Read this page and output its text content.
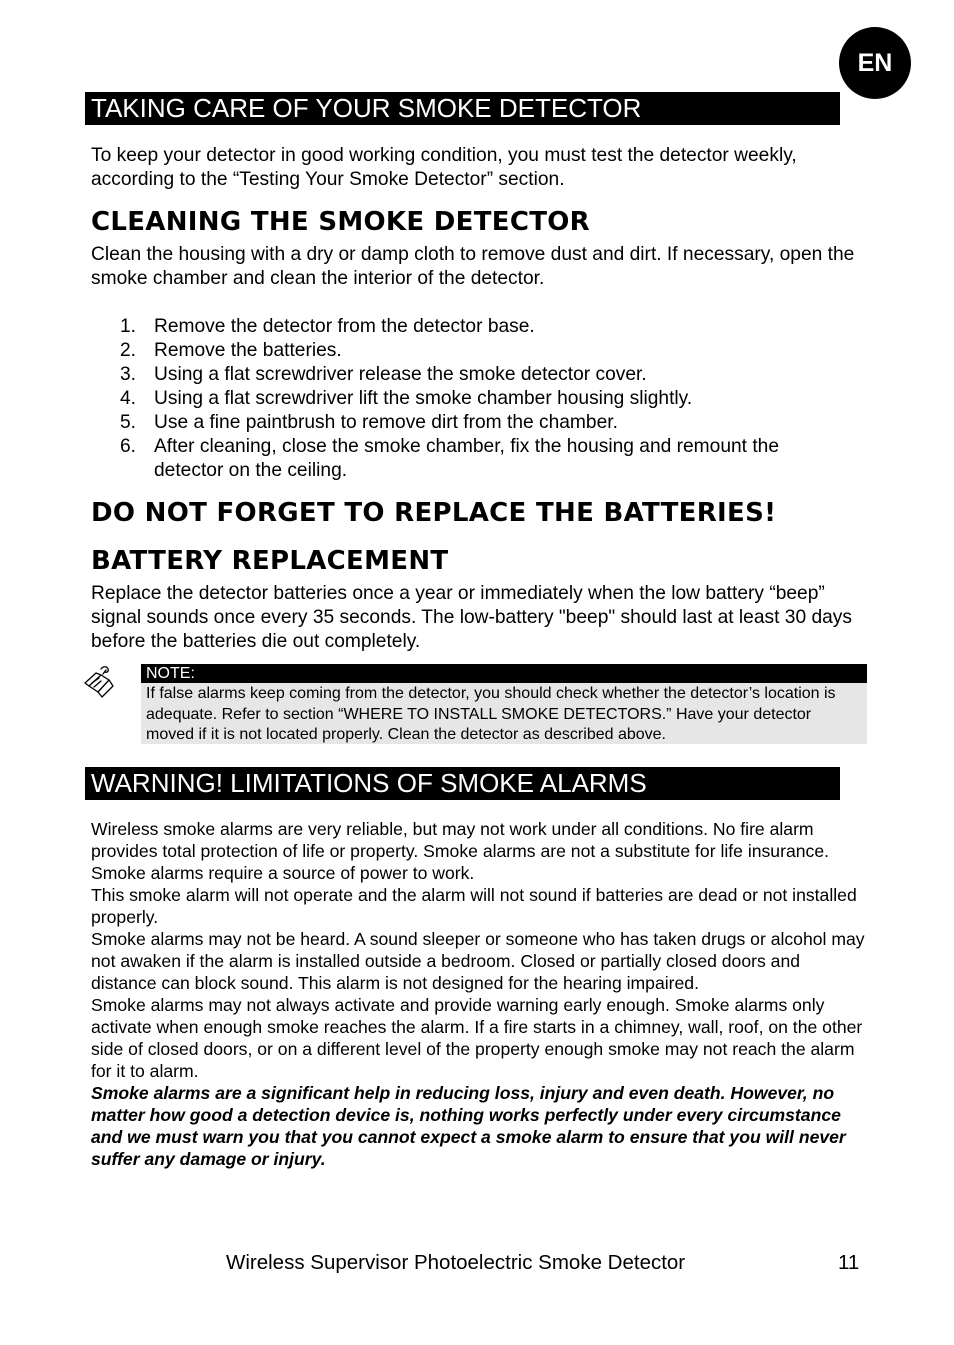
EN
TAKING CARE OF YOUR SMOKE DETECTOR

To keep your detector in good working condition, you must test the detector weekly, according to the “Testing Your Smoke Detector” section.

CLEANING THE SMOKE DETECTOR

Clean the housing with a dry or damp cloth to remove dust and dirt. If necessary, open the smoke chamber and clean the interior of the detector.

1. Remove the detector from the detector base.
2. Remove the batteries.
3. Using a flat screwdriver release the smoke detector cover.
4. Using a flat screwdriver lift the smoke chamber housing slightly.
5. Use a fine paintbrush to remove dirt from the chamber.
6. After cleaning, close the smoke chamber, fix the housing and remount the detector on the ceiling.
DO NOT FORGET TO REPLACE THE BATTERIES!
BATTERY REPLACEMENT

Replace the detector batteries once a year or immediately when the low battery “beep” signal sounds once every 35 seconds. The low-battery "beep" should last at least 30 days before the batteries die out completely.

NOTE:

If false alarms keep coming from the detector, you should check whether the detector’s location is adequate. Refer to section “WHERE TO INSTALL SMOKE DETECTORS.” Have your detector moved if it is not located properly. Clean the detector as described above.

WARNING! LIMITATIONS OF SMOKE ALARMS

Wireless smoke alarms are very reliable, but may not work under all conditions. No fire alarm provides total protection of life or property. Smoke alarms are not a substitute for life insurance.

Smoke alarms require a source of power to work.

This smoke alarm will not operate and the alarm will not sound if batteries are dead or not installed properly.

Smoke alarms may not be heard. A sound sleeper or someone who has taken drugs or alcohol may not awaken if the alarm is installed outside a bedroom. Closed or partially closed doors and distance can block sound. This alarm is not designed for the hearing impaired.

Smoke alarms may not always activate and provide warning early enough. Smoke alarms only activate when enough smoke reaches the alarm. If a fire starts in a chimney, wall, roof, on the other side of closed doors, or on a different level of the property enough smoke may not reach the alarm for it to alarm.

Smoke alarms are a significant help in reducing loss, injury and even death. However, no matter how good a detection device is, nothing works perfectly under every circumstance and we must warn you that you cannot expect a smoke alarm to ensure that you will never suffer any damage or injury.

Wireless Supervisor Photoelectric Smoke Detector	11
